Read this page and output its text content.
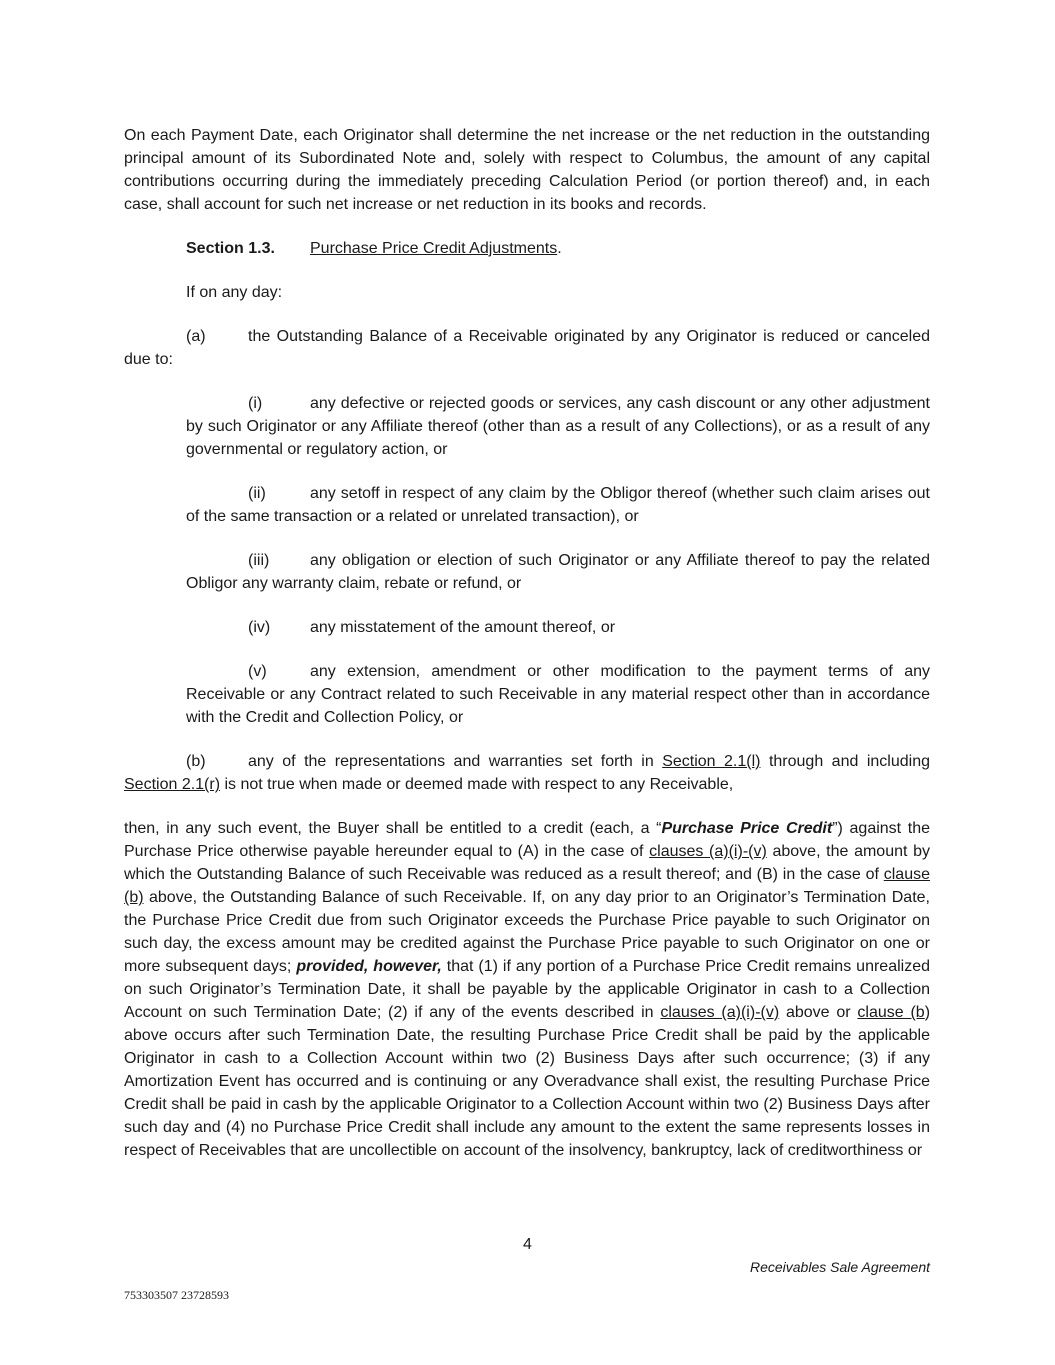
On each Payment Date, each Originator shall determine the net increase or the net reduction in the outstanding principal amount of its Subordinated Note and, solely with respect to Columbus, the amount of any capital contributions occurring during the immediately preceding Calculation Period (or portion thereof) and, in each case, shall account for such net increase or net reduction in its books and records.

Section 1.3. Purchase Price Credit Adjustments.

If on any day:

(a)	the Outstanding Balance of a Receivable originated by any Originator is reduced or canceled due to:

(i)	any defective or rejected goods or services, any cash discount or any other adjustment by such Originator or any Affiliate thereof (other than as a result of any Collections), or as a result of any governmental or regulatory action, or

(ii)	any setoff in respect of any claim by the Obligor thereof (whether such claim arises out of the same transaction or a related or unrelated transaction), or

(iii)	any obligation or election of such Originator or any Affiliate thereof to pay the related Obligor any warranty claim, rebate or refund, or

(iv) any misstatement of the amount thereof, or

(v)	any extension, amendment or other modification to the payment terms of any Receivable or any Contract related to such Receivable in any material respect other than in accordance with the Credit and Collection Policy, or

(b)	any of the representations and warranties set forth in Section 2.1(l) through and including Section 2.1(r) is not true when made or deemed made with respect to any Receivable,

then, in any such event, the Buyer shall be entitled to a credit (each, a “Purchase Price Credit”) against the Purchase Price otherwise payable hereunder equal to (A) in the case of clauses (a)(i)-(v) above, the amount by which the Outstanding Balance of such Receivable was reduced as a result thereof; and (B) in the case of clause (b) above, the Outstanding Balance of such Receivable. If, on any day prior to an Originator’s Termination Date, the Purchase Price Credit due from such Originator exceeds the Purchase Price payable to such Originator on such day, the excess amount may be credited against the Purchase Price payable to such Originator on one or more subsequent days; provided, however, that (1) if any portion of a Purchase Price Credit remains unrealized on such Originator’s Termination Date, it shall be payable by the applicable Originator in cash to a Collection Account on such Termination Date; (2) if any of the events described in clauses (a)(i)-(v) above or clause (b) above occurs after such Termination Date, the resulting Purchase Price Credit shall be paid by the applicable Originator in cash to a Collection Account within two (2) Business Days after such occurrence; (3) if any Amortization Event has occurred and is continuing or any Overadvance shall exist, the resulting Purchase Price Credit shall be paid in cash by the applicable Originator to a Collection Account within two (2) Business Days after such day and (4) no Purchase Price Credit shall include any amount to the extent the same represents losses in respect of Receivables that are uncollectible on account of the insolvency, bankruptcy, lack of creditworthiness or

4
Receivables Sale Agreement
753303507 23728593
